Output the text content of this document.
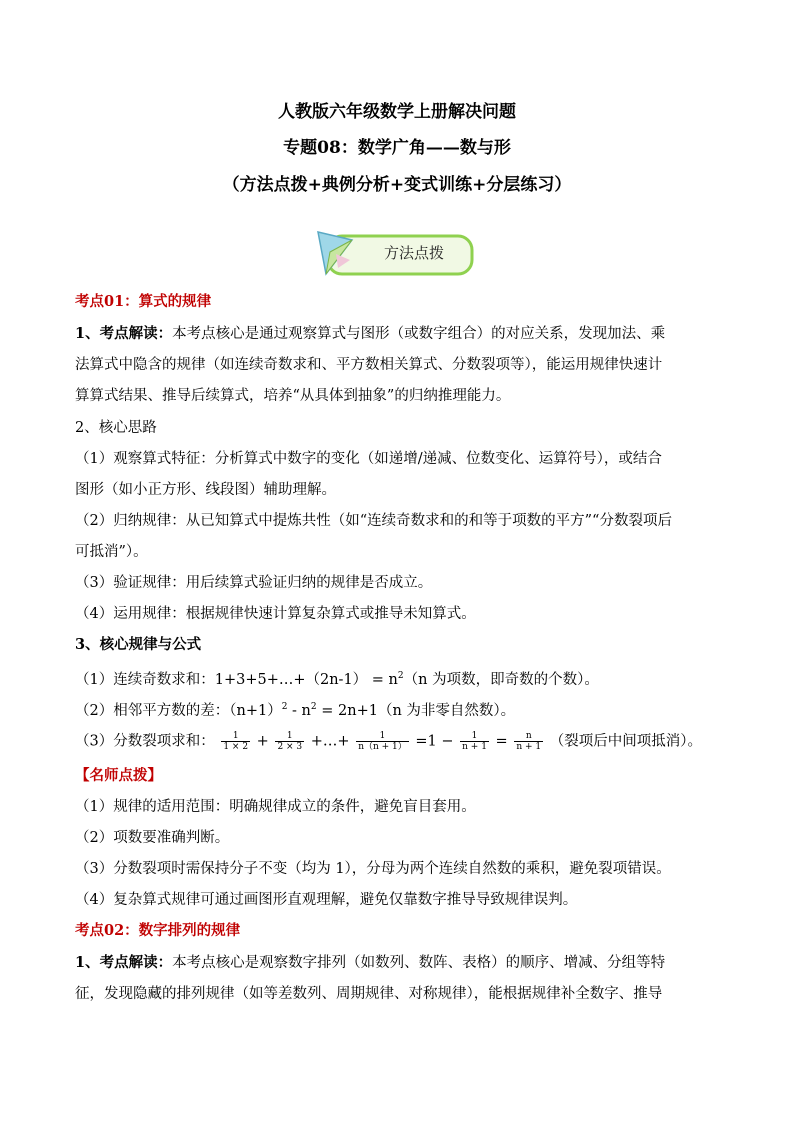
人教版六年级数学上册解决问题
专题08：数学广角——数与形
（方法点拨+典例分析+变式训练+分层练习）
方法点拨
考点01：算式的规律
1、考点解读：本考点核心是通过观察算式与图形（或数字组合）的对应关系，发现加法、乘
法算式中隐含的规律（如连续奇数求和、平方数相关算式、分数裂项等），能运用规律快速计
算算式结果、推导后续算式，培养“从具体到抽象”的归纳推理能力。
2、核心思路
（1）观察算式特征：分析算式中数字的变化（如递增/递减、位数变化、运算符号），或结合
图形（如小正方形、线段图）辅助理解。
（2）归纳规律：从已知算式中提炼共性（如“连续奇数求和的和等于项数的平方”“分数裂项后
可抵消”）。
（3）验证规律：用后续算式验证归纳的规律是否成立。
（4）运用规律：根据规律快速计算复杂算式或推导未知算式。
3、核心规律与公式
（1）连续奇数求和：1+3+5+…+（2n-1） = $n^2(n$ 为项数，即奇数的个数）。
（2）相邻平方数的差：$(n+1)^2 - n^2 = 2n+1(n$ 为非零自然数）。
（3）分数裂项求和： $\frac{1}{1 \times 2} + \frac{1}{2 \times 3}$ +…+ $\frac{1}{n(n + 1)} =1 - \frac{1}{n + 1} = \frac{n}{n + 1}$ （裂项后中间项抵消）。
【名师点拨】
（1）规律的适用范围：明确规律成立的条件，避免盲目套用。
（2）项数要准确判断。
（3）分数裂项时需保持分子不变（均为 1），分母为两个连续自然数的乘积，避免裂项错误。
（4）复杂算式规律可通过画图形直观理解，避免仅靠数字推导导致规律误判。
考点02：数字排列的规律
1、考点解读：本考点核心是观察数字排列（如数列、数阵、表格）的顺序、增减、分组等特
征，发现隐藏的排列规律（如等差数列、周期规律、对称规律），能根据规律补全数字、推导
